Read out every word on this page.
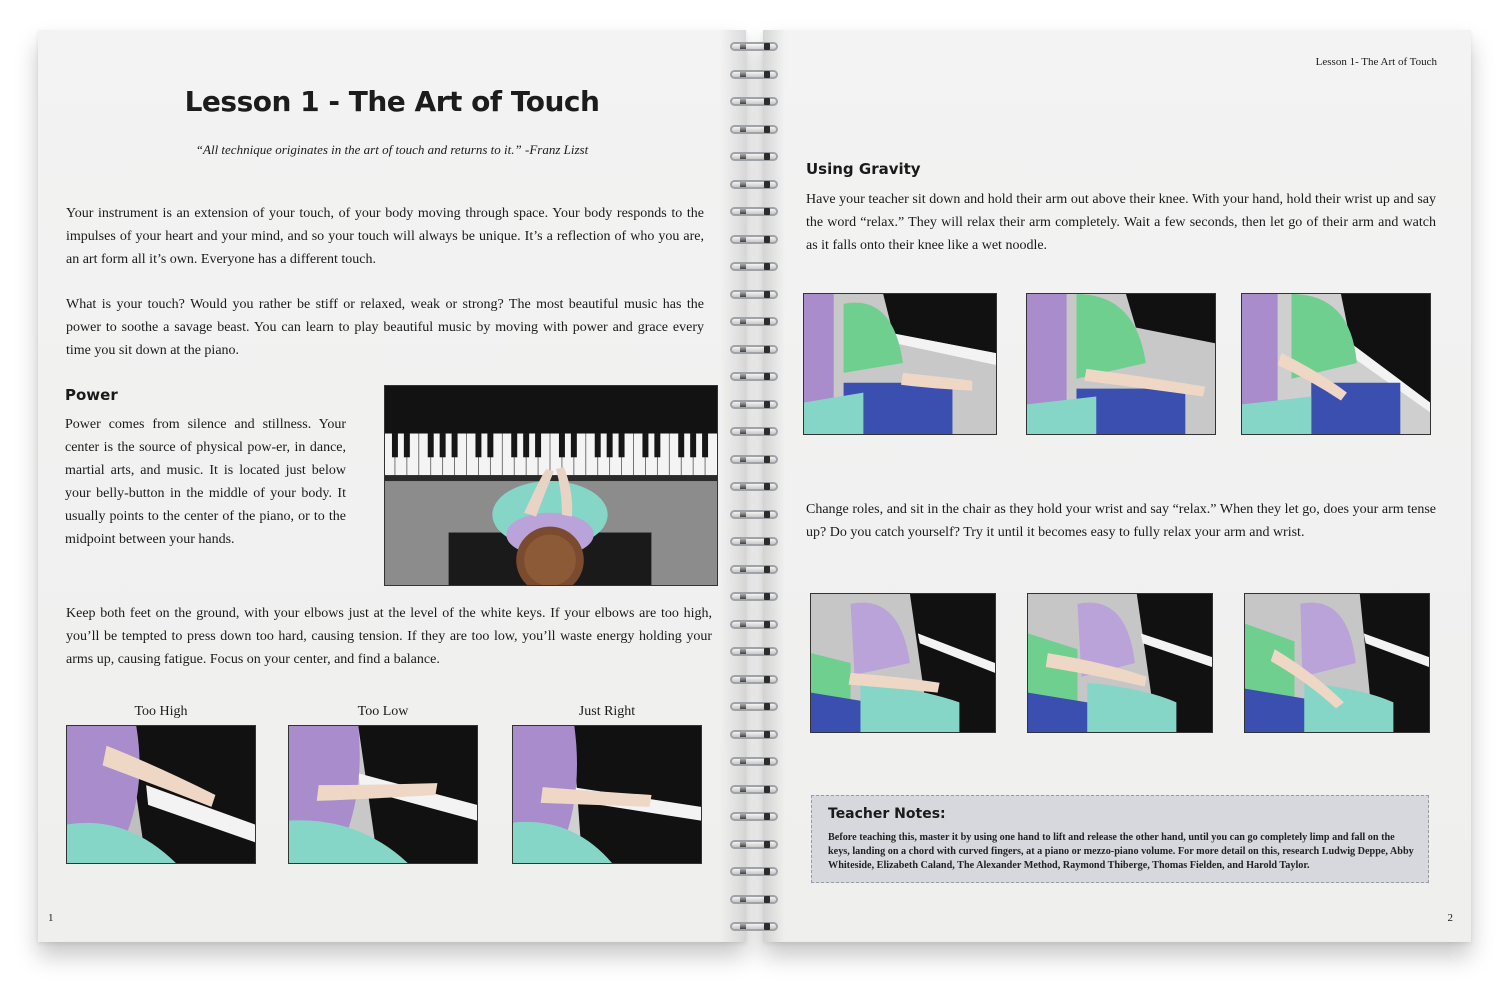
Lesson 1 - The Art of Touch
“All technique originates in the art of touch and returns to it.” -Franz Lizst
Your instrument is an extension of your touch, of your body moving through space. Your body responds to the impulses of your heart and your mind, and so your touch will always be unique. It’s a reflection of who you are, an art form all it’s own. Everyone has a different touch.
What is your touch? Would you rather be stiff or relaxed, weak or strong? The most beautiful music has the power to soothe a savage beast. You can learn to play beautiful music by moving with power and grace every time you sit down at the piano.
Power
Power comes from silence and stillness. Your center is the source of physical pow-er, in dance, martial arts, and music. It is located just below your belly-button in the middle of your body. It usually points to the center of the piano, or to the midpoint between your hands.
Keep both feet on the ground, with your elbows just at the level of the white keys. If your elbows are too high, you’ll be tempted to press down too hard, causing tension. If they are too low, you’ll waste energy holding your arms up, causing fatigue. Focus on your center, and find a balance.
Too High	Too Low	Just Right
1
Lesson 1- The Art of Touch
Using Gravity
Have your teacher sit down and hold their arm out above their knee. With your hand, hold their wrist up and say the word “relax.” They will relax their arm completely. Wait a few seconds, then let go of their arm and watch as it falls onto their knee like a wet noodle.
Change roles, and sit in the chair as they hold your wrist and say “relax.” When they let go, does your arm tense up? Do you catch yourself? Try it until it becomes easy to fully relax your arm and wrist.
Teacher Notes:
Before teaching this, master it by using one hand to lift and release the other hand, until you can go completely limp and fall on the keys, landing on a chord with curved fingers, at a piano or mezzo-piano volume. For more detail on this, research Ludwig Deppe, Abby Whiteside, Elizabeth Caland, The Alexander Method, Raymond Thiberge, Thomas Fielden, and Harold Taylor.
2
